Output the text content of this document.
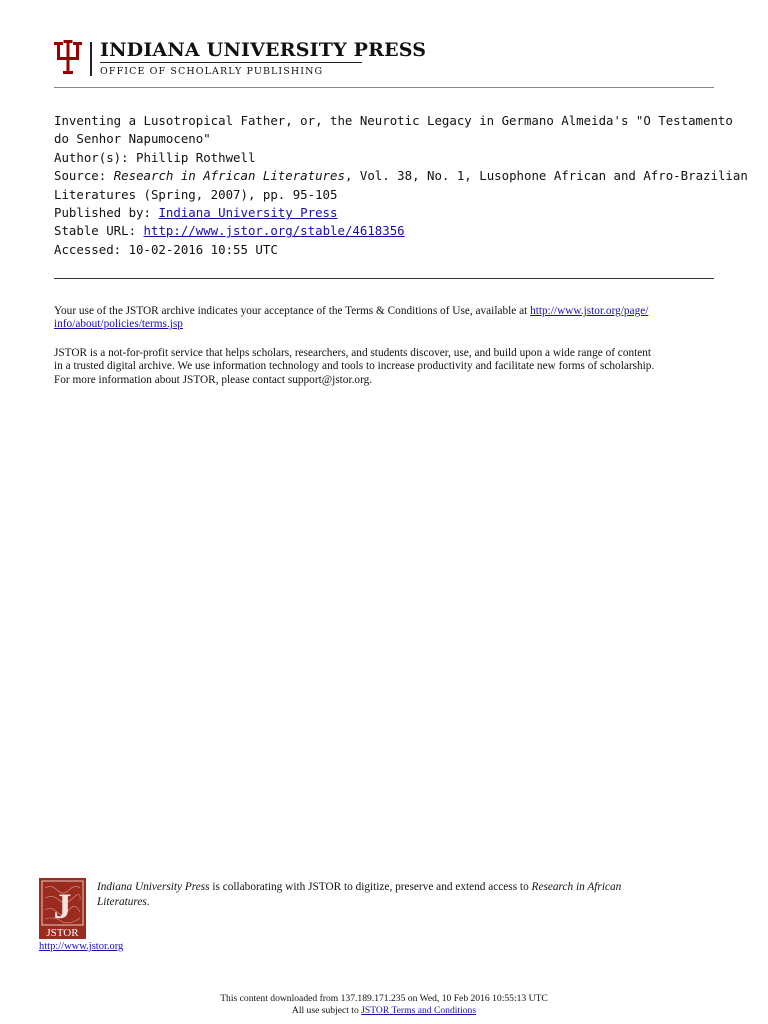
INDIANA UNIVERSITY PRESS
OFFICE OF SCHOLARLY PUBLISHING
Inventing a Lusotropical Father, or, the Neurotic Legacy in Germano Almeida's "O Testamento
do Senhor Napumoceno"
Author(s): Phillip Rothwell
Source: Research in African Literatures, Vol. 38, No. 1, Lusophone African and Afro-Brazilian
Literatures (Spring, 2007), pp. 95-105
Published by: Indiana University Press
Stable URL: http://www.jstor.org/stable/4618356
Accessed: 10-02-2016 10:55 UTC
Your use of the JSTOR archive indicates your acceptance of the Terms & Conditions of Use, available at http://www.jstor.org/page/
info/about/policies/terms.jsp
JSTOR is a not-for-profit service that helps scholars, researchers, and students discover, use, and build upon a wide range of content
in a trusted digital archive. We use information technology and tools to increase productivity and facilitate new forms of scholarship.
For more information about JSTOR, please contact support@jstor.org.
J
JSTOR
Indiana University Press is collaborating with JSTOR to digitize, preserve and extend access to Research in African
Literatures.
http://www.jstor.org
This content downloaded from 137.189.171.235 on Wed, 10 Feb 2016 10:55:13 UTC
All use subject to JSTOR Terms and Conditions
